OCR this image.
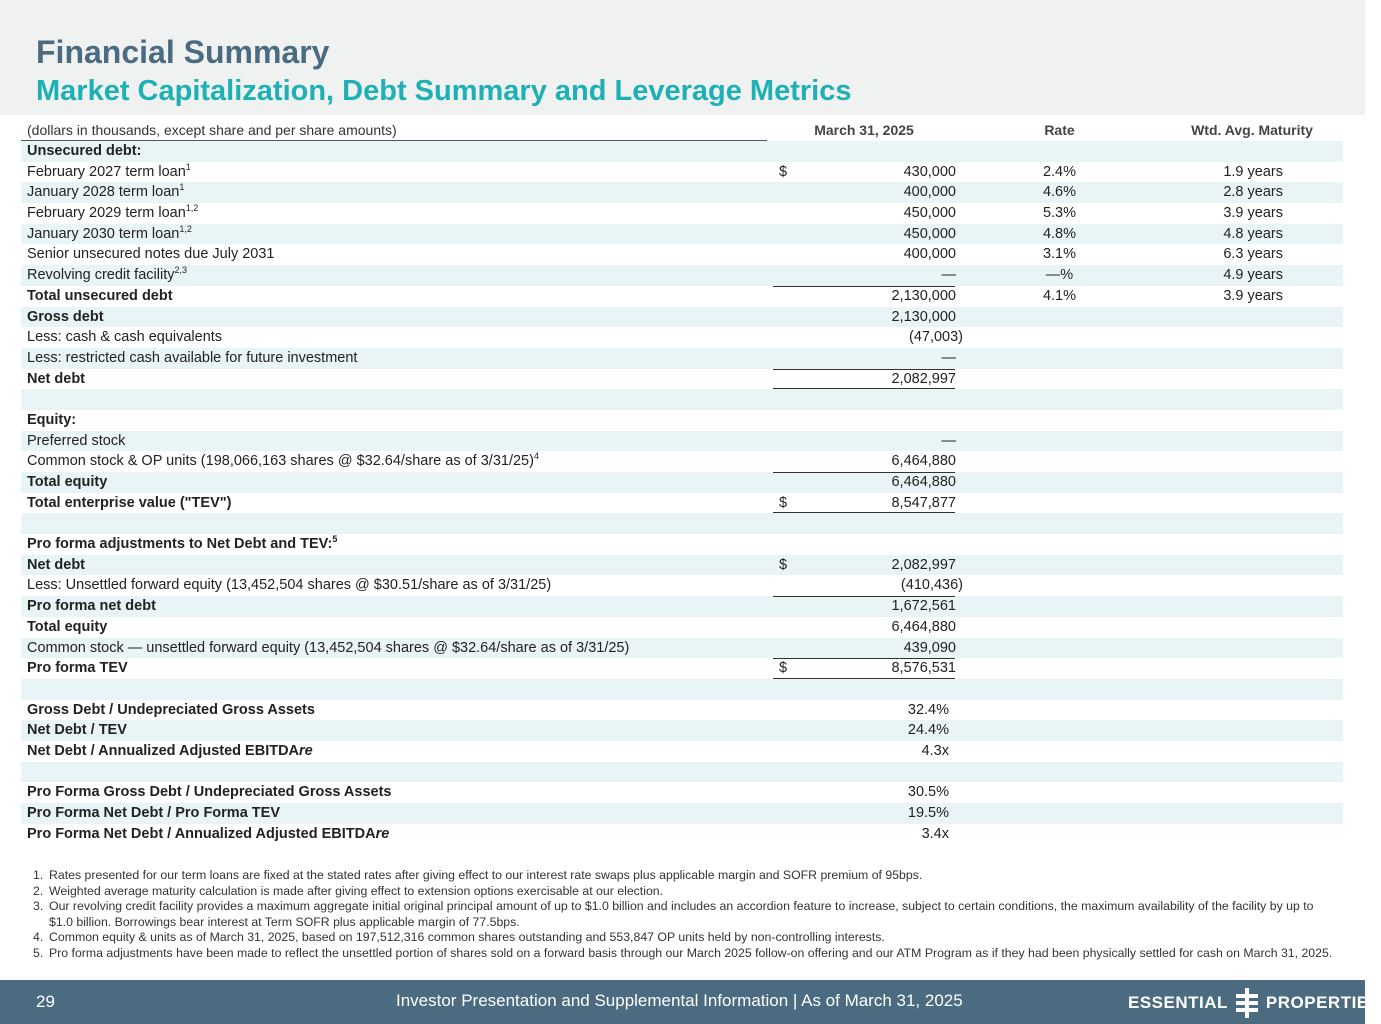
Financial Summary
Market Capitalization, Debt Summary and Leverage Metrics
(dollars in thousands, except share and per share amounts)	March 31, 2025	Rate	Wtd. Avg. Maturity
Unsecured debt:
February 2027 term loan$^1$	$	430,000	2.4%	1.9 years
January 2028 term loan$^1$	400,000	4.6%	2.8 years
February 2029 term loan$^{1,2}$	450,000	5.3%	3.9 years
January 2030 term loan$^{1,2}$	450,000	4.8%	4.8 years
Senior unsecured notes due July 2031	400,000	3.1%	6.3 years
Revolving credit facility$^{2,3}$	—	—%	4.9 years
Total unsecured debt	2,130,000	4.1%	3.9 years
Gross debt	2,130,000
Less: cash & cash equivalents	(47,003)
Less: restricted cash available for future investment	—
Net debt	2,082,997
Equity:
Preferred stock	—
Common stock & OP units (198,066,163 shares @ $32.64/share as of 3/31/25)$^4$	6,464,880
Total equity	6,464,880
Total enterprise value ("TEV")	$	8,547,877
Pro forma adjustments to Net Debt and TEV:$^5$
Net debt	$	2,082,997
Less: Unsettled forward equity (13,452,504 shares @ $30.51/share as of 3/31/25)	(410,436)
Pro forma net debt	1,672,561
Total equity	6,464,880
Common stock — unsettled forward equity (13,452,504 shares @ $32.64/share as of 3/31/25)	439,090
Pro forma TEV	$	8,576,531
Gross Debt / Undepreciated Gross Assets	32.4%
Net Debt / TEV	24.4%
Net Debt / Annualized Adjusted EBITDAre	4.3x
Pro Forma Gross Debt / Undepreciated Gross Assets	30.5%
Pro Forma Net Debt / Pro Forma TEV	19.5%
Pro Forma Net Debt / Annualized Adjusted EBITDAre	3.4x
1. Rates presented for our term loans are fixed at the stated rates after giving effect to our interest rate swaps plus applicable margin and SOFR premium of 95bps.
2. Weighted average maturity calculation is made after giving effect to extension options exercisable at our election.
3. Our revolving credit facility provides a maximum aggregate initial original principal amount of up to $1.0 billion and includes an accordion feature to increase, subject to certain conditions, the maximum availability of the facility by up to $1.0 billion. Borrowings bear interest at Term SOFR plus applicable margin of 77.5bps.
4. Common equity & units as of March 31, 2025, based on 197,512,316 common shares outstanding and 553,847 OP units held by non-controlling interests.
5. Pro forma adjustments have been made to reflect the unsettled portion of shares sold on a forward basis through our March 2025 follow-on offering and our ATM Program as if they had been physically settled for cash on March 31, 2025.
29	Investor Presentation and Supplemental Information | As of March 31, 2025	ESSENTIAL PROPERTIES
